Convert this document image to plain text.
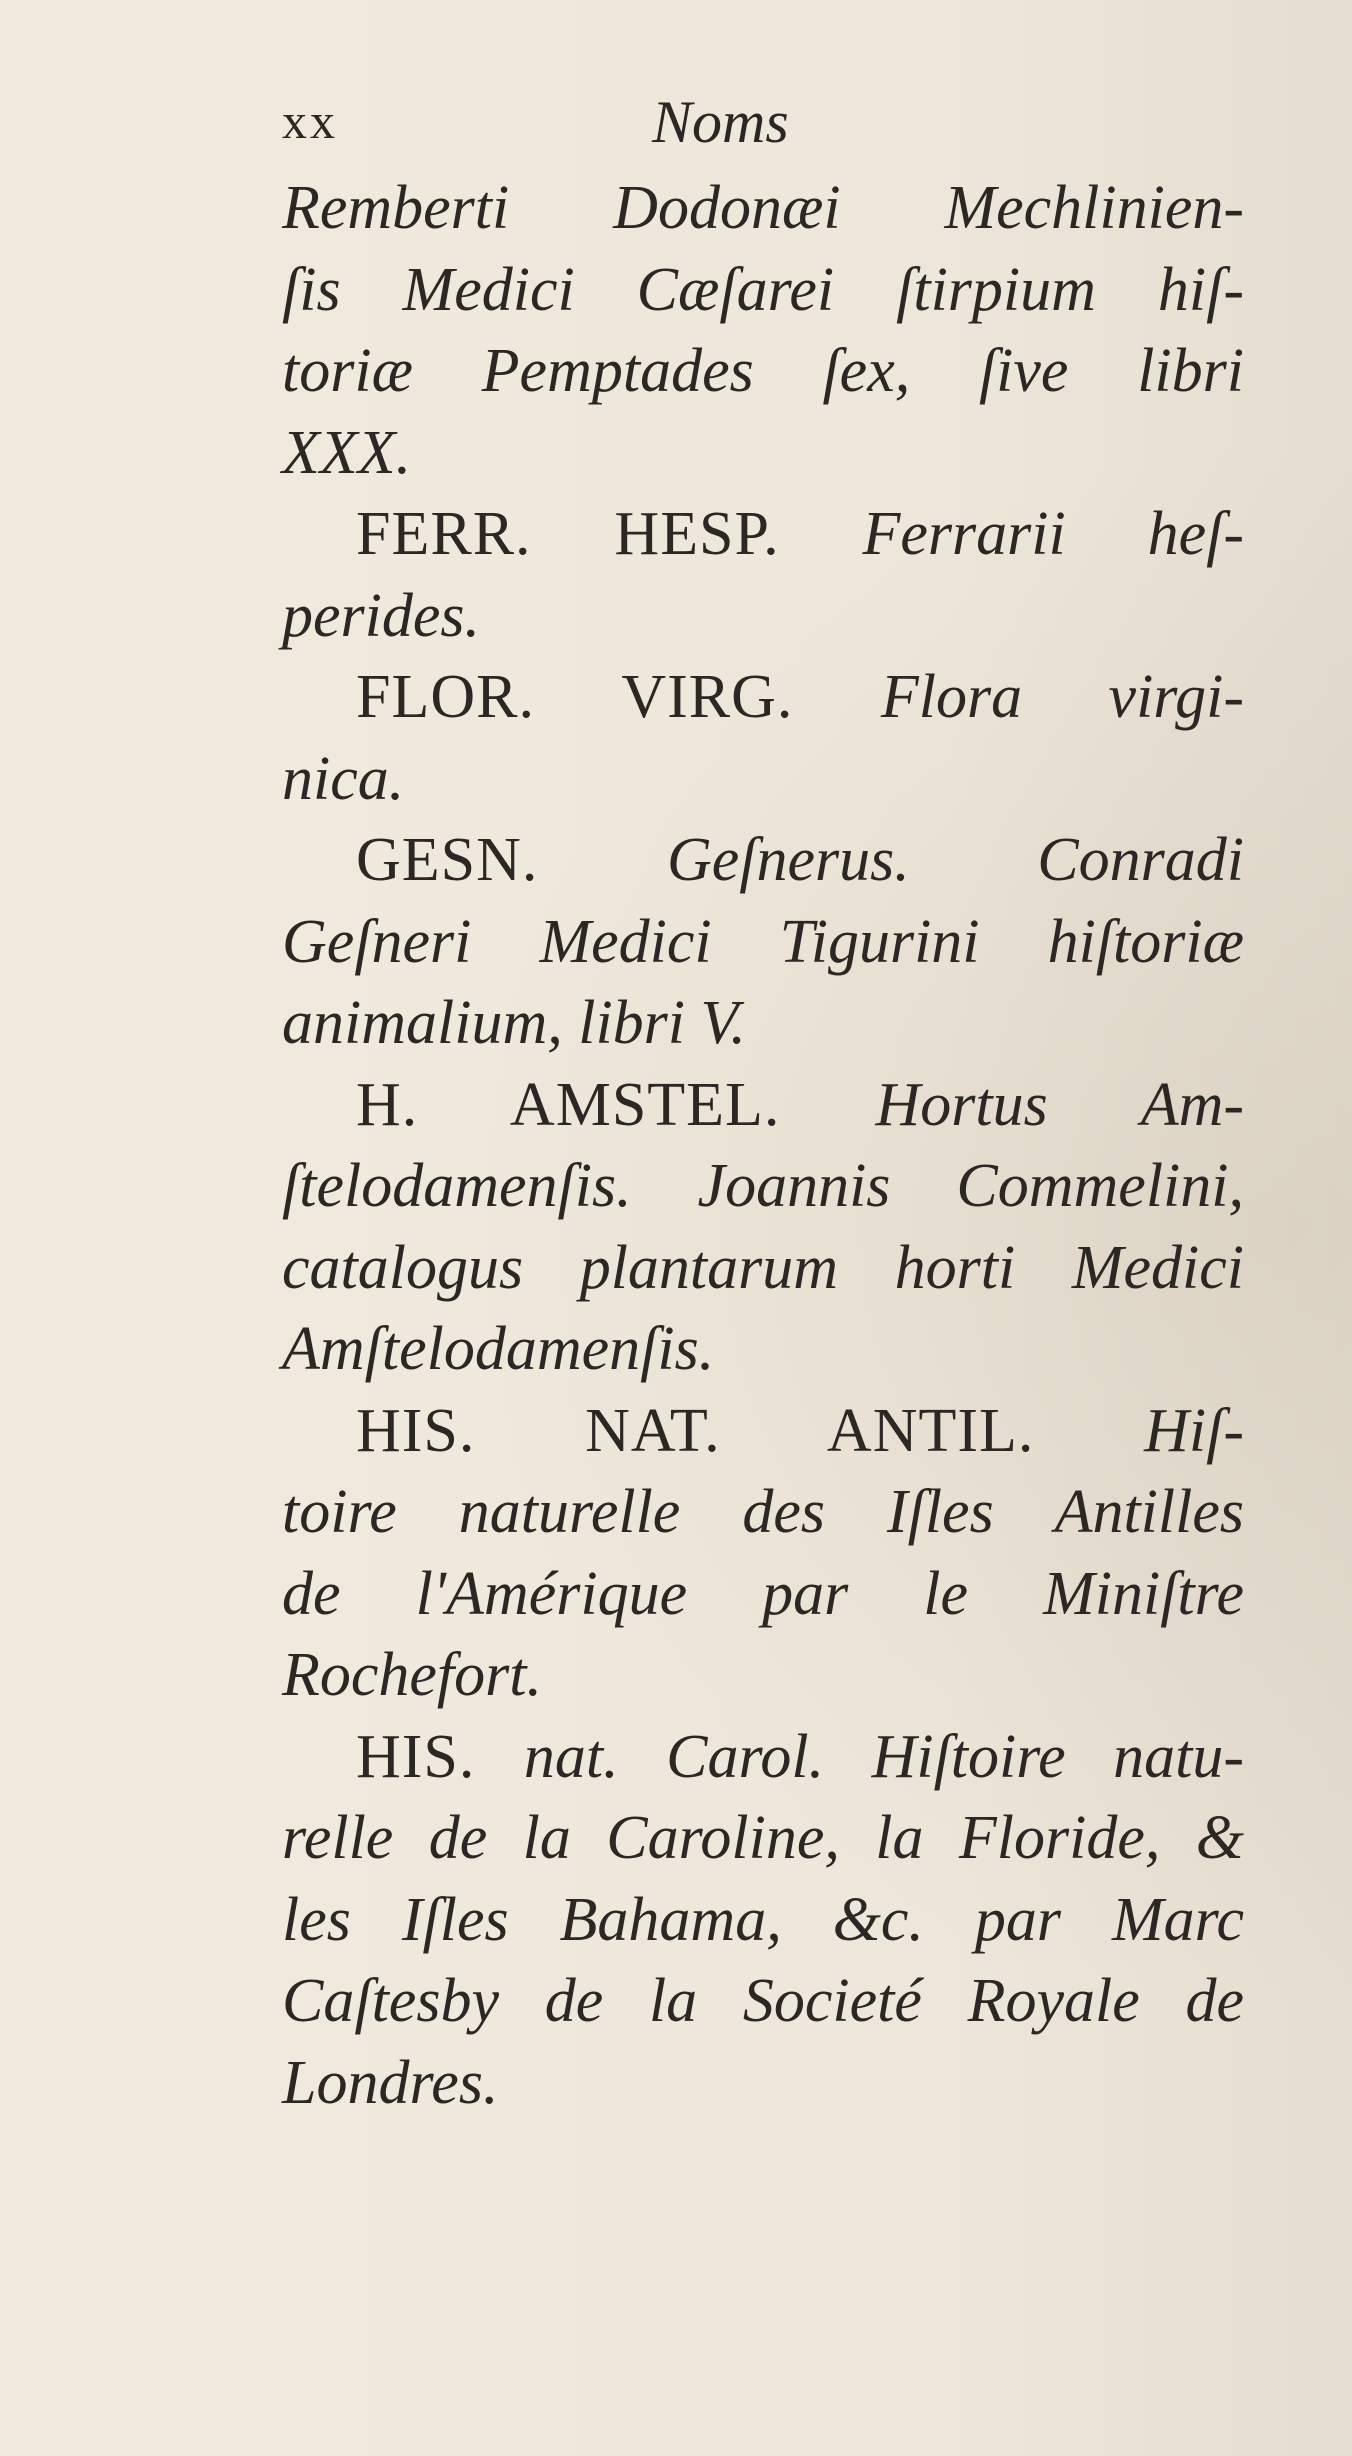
xx	Noms
Remberti Dodonæi Mechlinien-
ſis Medici Cæſarei ſtirpium hiſ-
toriæ Pemptades ſex, ſive libri
XXX.
FERR. HESP. Ferrarii heſ-
perides.
FLOR. VIRG. Flora virgi-
nica.
GESN. Geſnerus. Conradi
Geſneri Medici Tigurini hiſtoriæ
animalium, libri V.
H. AMSTEL. Hortus Am-
ſtelodamenſis. Joannis Commelini,
catalogus plantarum horti Medici
Amſtelodamenſis.
HIS. NAT. ANTIL. Hiſ-
toire naturelle des Iſles Antilles
de l'Amérique par le Miniſtre
Rochefort.
HIS. nat. Carol. Hiſtoire natu-
relle de la Caroline, la Floride, &
les Iſles Bahama, &c. par Marc
Caſtesby de la Societé Royale de
Londres.
